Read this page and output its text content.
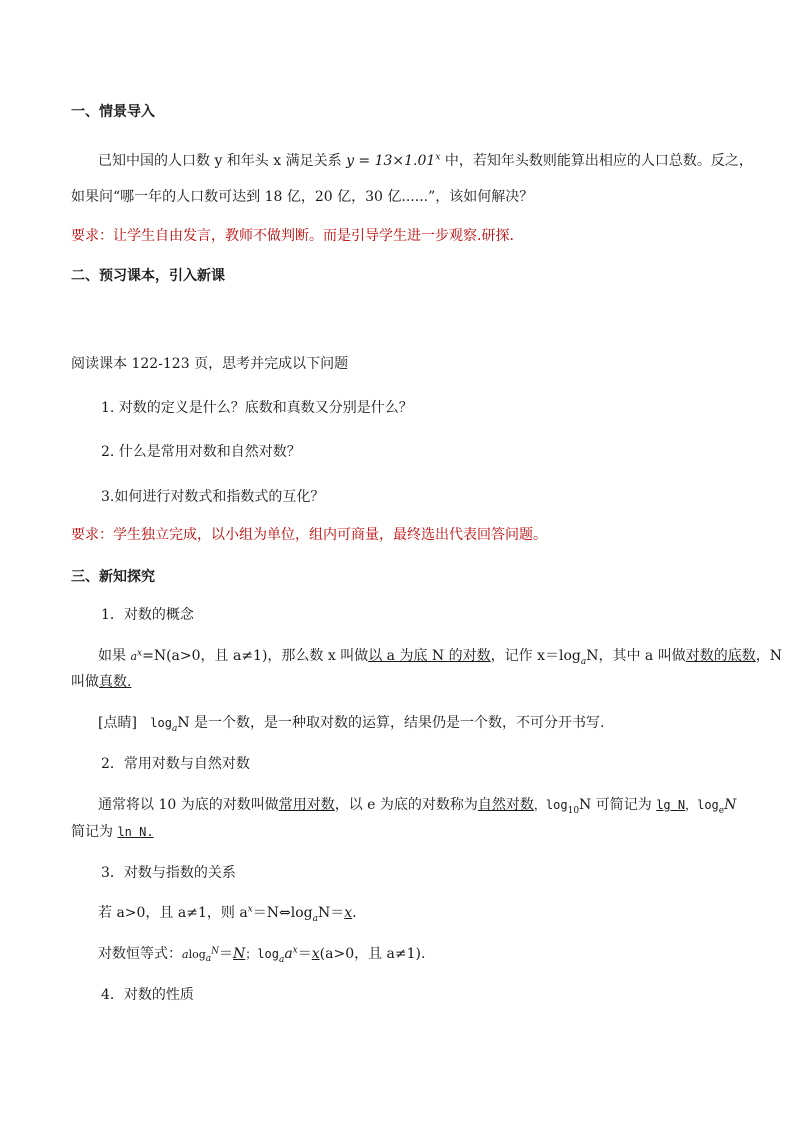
一、情景导入
已知中国的人口数 y 和年头 x 满足关系 $y = 13\times 1.01^x$ 中，若知年头数则能算出相应的人口总数。反之，
如果问“哪一年的人口数可达到 18 亿，20 亿，30 亿......”，该如何解决？
要求：让学生自由发言，教师不做判断。而是引导学生进一步观察.研探.
二、预习课本，引入新课
阅读课本 122-123 页，思考并完成以下问题
1. 对数的定义是什么？底数和真数又分别是什么？
2. 什么是常用对数和自然对数？
3.如何进行对数式和指数式的互化？
要求：学生独立完成，以小组为单位，组内可商量，最终选出代表回答问题。
三、新知探究
1．对数的概念
如果 $a^x=N(a>0$，且 a≠1)，那么数 x 叫做以 a 为底 N 的对数，记作 $x=\log_aN$，其中 a 叫做对数的底数，N
叫做真数.
[点睛] $\log_aN$ 是一个数，是一种取对数的运算，结果仍是一个数，不可分开书写.
2．常用对数与自然对数
通常将以 10 为底的对数叫做常用对数，以 e 为底的对数称为自然对数，$\log_{10}N$ 可简记为 lg N，$\log_eN$
简记为 ln N.
3．对数与指数的关系
若 a>0，且 a≠1，则 $a^x=N\Leftrightarrow\log_aN=x$.
对数恒等式：alog$_a^N$＝N；$\log_aa^x=x(a>0$，且 a≠1).
4．对数的性质
